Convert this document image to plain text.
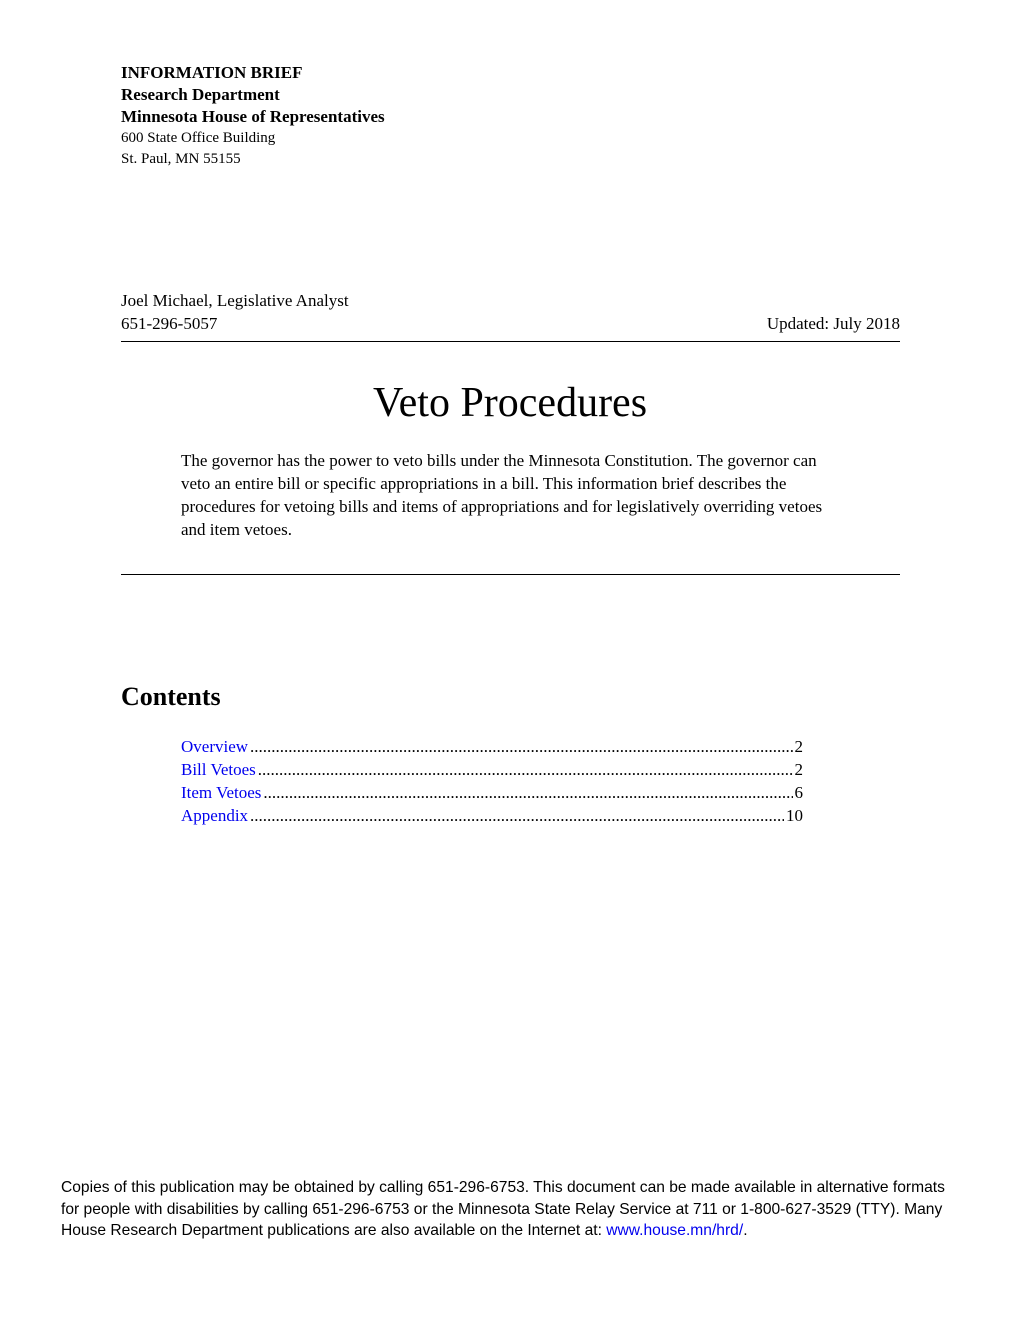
INFORMATION BRIEF
Research Department
Minnesota House of Representatives
600 State Office Building
St. Paul, MN 55155
Joel Michael, Legislative Analyst
651-296-5057	Updated: July 2018
Veto Procedures
The governor has the power to veto bills under the Minnesota Constitution. The governor can veto an entire bill or specific appropriations in a bill. This information brief describes the procedures for vetoing bills and items of appropriations and for legislatively overriding vetoes and item vetoes.
Contents
Overview .....	2
Bill Vetoes .....	2
Item Vetoes .....	6
Appendix .....	10
Copies of this publication may be obtained by calling 651-296-6753. This document can be made available in alternative formats for people with disabilities by calling 651-296-6753 or the Minnesota State Relay Service at 711 or 1-800-627-3529 (TTY). Many House Research Department publications are also available on the Internet at: www.house.mn/hrd/.
